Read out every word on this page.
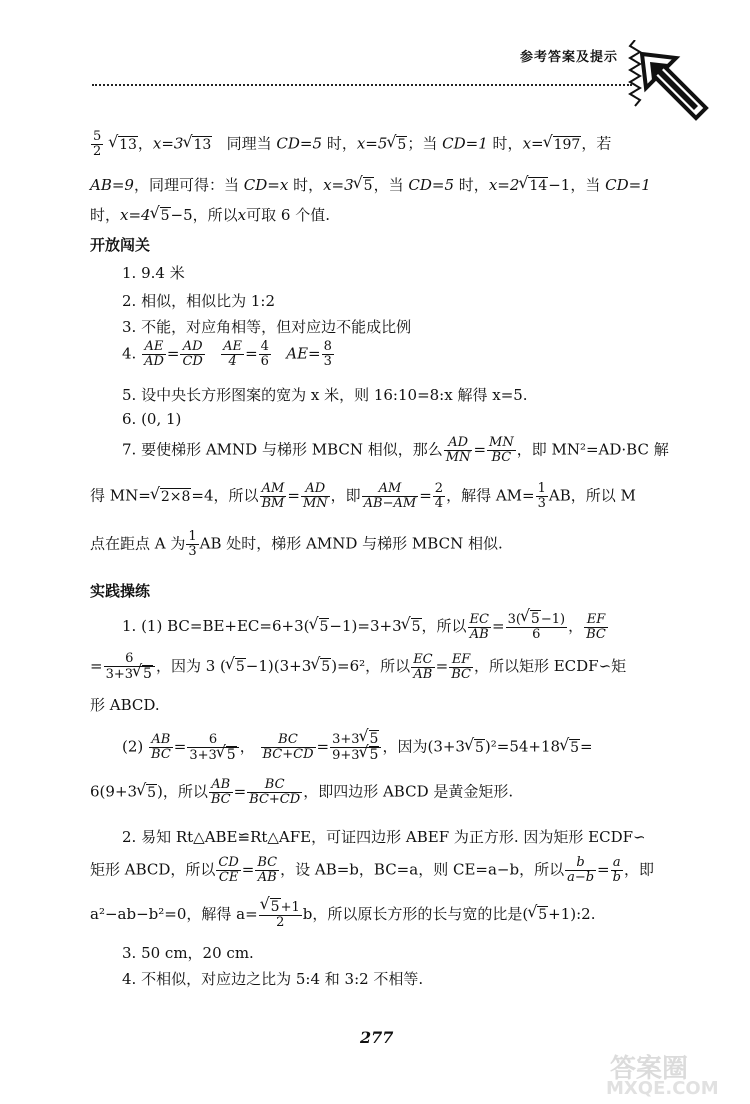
参考答案及提示
$\frac{5}{2}$ √ 13，x=3 √ 13 同理当 CD=5 时，x=5 √ 5；当 CD=1 时，x= √ 197，若
AB=9，同理可得：当 CD=x 时，x=3 √ 5，当 CD=5 时，x=2 √ 14−1，当 CD=1
时，x=4 √ 5−5，所以x可取 6 个值.
开放闯关
1. 9.4 米
2. 相似，相似比为 1:2
3. 不能，对应角相等，但对应边不能成比例
4. $\frac{AE}{AD} = \frac{AD}{CD}$
$\frac{AE}{4} = \frac{4}{6} AE= \frac{8}{3}$
5. 设中央长方形图案的宽为 x 米，则 16:10=8:x 解得 x=5.
6. (0, 1)
7. 要使梯形 AMND 与梯形 MBCN 相似，那么 $\frac{AD}{MN} = \frac{MN}{BC}$ ，即 MN²=AD·BC 解
得 MN= √ 2×8=4，所以 $\frac{AM}{BM} = \frac{AD}{MN}$ ，即 $\frac{AM}{AB-AM} = \frac{2}{4}$ ，解得 $AM= \frac{1}{3}$ AB，所以 M
点在距点 A 为 $\frac{1}{3}$ AB 处时，梯形 AMND 与梯形 MBCN 相似.
实践操练
1. (1) BC=BE+EC=6+3( √ 5−1)=3+3 √ 5，所以 $\frac{EC}{AB} = \frac{3( √ 5-1)}{6}$ ， $\frac{EF}{BC}$
= $\frac{6}{3+3 √ 5}$ ，因为 3 ( √ 5−1)(3+3 √ 5)=6²，所以 $\frac{EC}{AB} = \frac{EF}{BC}$ ，所以矩形 ECDF∽矩
形 ABCD.
$(2) \frac{AB}{BC} = \frac{6}{3+3 √ 5}$ ， $\frac{BC}{BC+CD} = \frac{3+3 √ 5}{9+3 √ 5}$ ，因为(3+3 √ 5)²=54+18 √ 5=
6(9+3 √ 5)，所以 $\frac{AB}{BC} = \frac{BC}{BC+CD}$ ，即四边形 ABCD 是黄金矩形.
2. 易知 Rt△ABE≌Rt△AFE，可证四边形 ABEF 为正方形. 因为矩形 ECDF∽
矩形 ABCD，所以 $\frac{CD}{CE} = \frac{BC}{AB}$ ，设 AB=b，BC=a，则 CE=a−b，所以 $\frac{b}{a-b} = \frac{a}{b}$ ，即
a²−ab−b²=0，解得 a= √ $\frac{5+1}{2}$ b，所以原长方形的长与宽的比是( √ 5+1):2.
3. 50 cm，20 cm.
4. 不相似，对应边之比为 5:4 和 3:2 不相等.
277
答案圈
MXQE.COM
